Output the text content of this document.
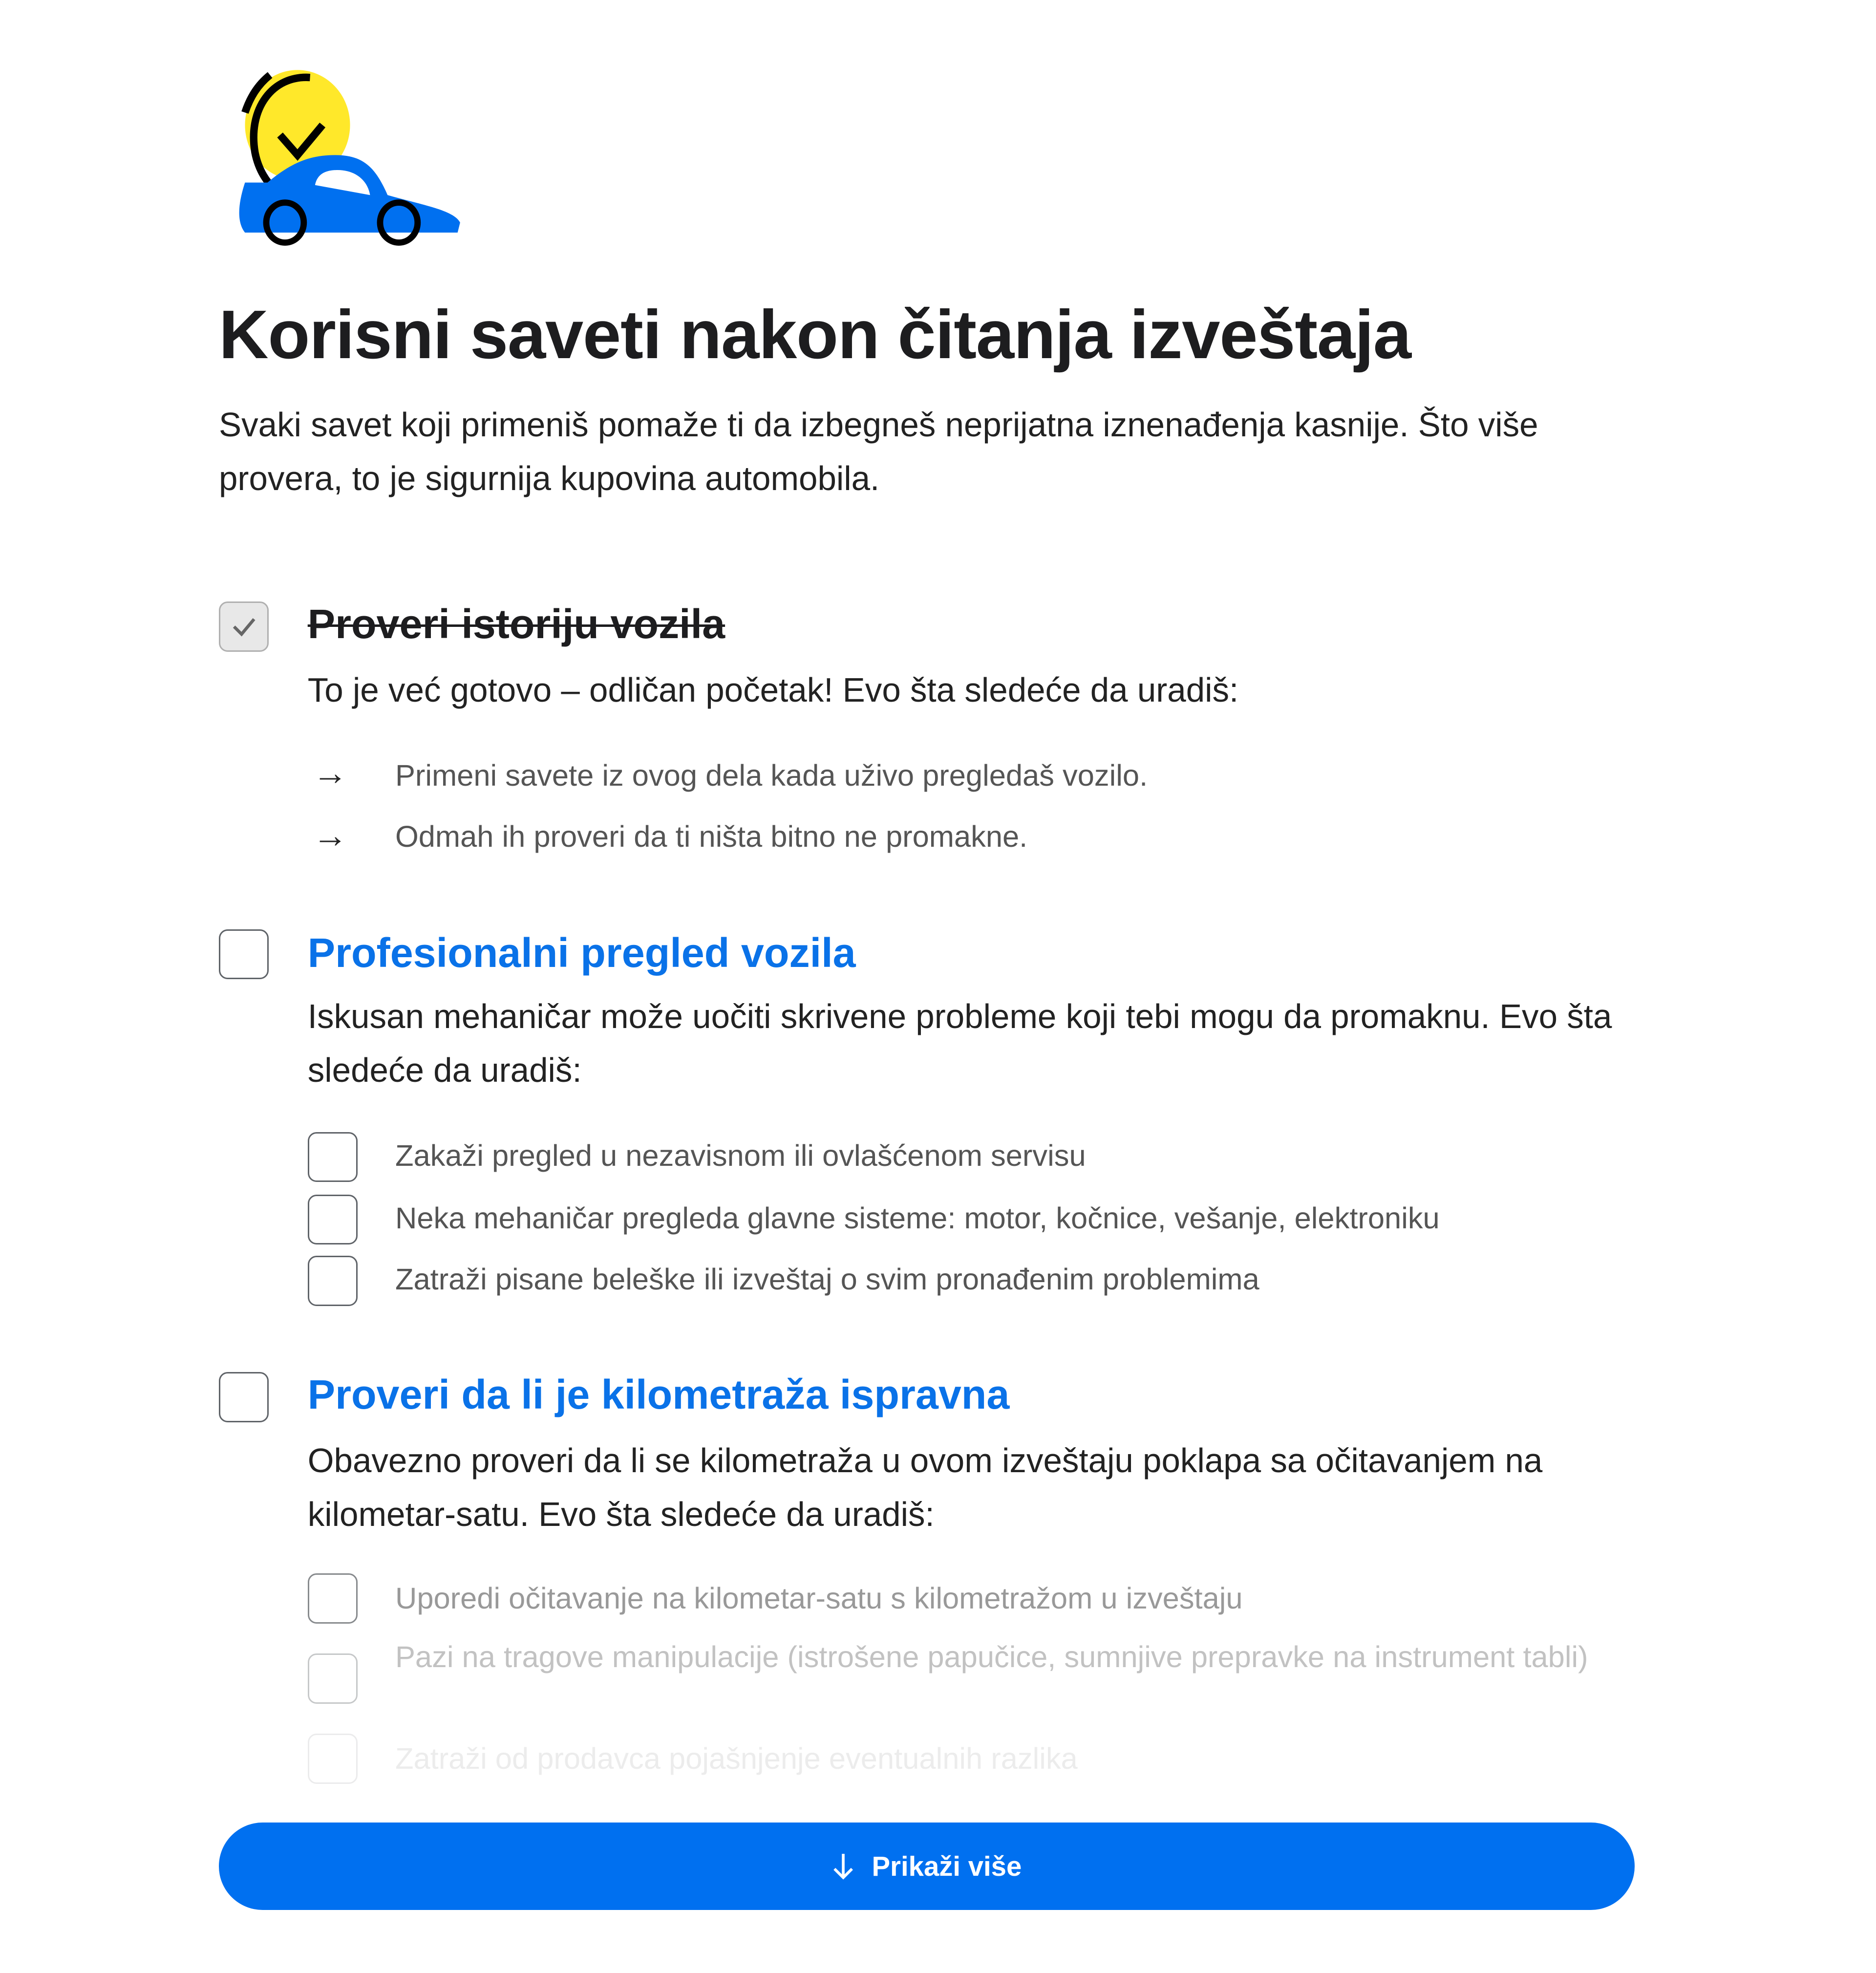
Korisni saveti nakon čitanja izveštaja
Svaki savet koji primeniš pomaže ti da izbegneš neprijatna iznenađenja kasnije. Što više provera, to je sigurnija kupovina automobila.
Proveri istoriju vozila
To je već gotovo – odličan početak! Evo šta sledeće da uradiš:
→	Primeni savete iz ovog dela kada uživo pregledaš vozilo.
→	Odmah ih proveri da ti ništa bitno ne promakne.
Profesionalni pregled vozila
Iskusan mehaničar može uočiti skrivene probleme koji tebi mogu da promaknu. Evo šta sledeće da uradiš:
Zakaži pregled u nezavisnom ili ovlašćenom servisu
Neka mehaničar pregleda glavne sisteme: motor, kočnice, vešanje, elektroniku
Zatraži pisane beleške ili izveštaj o svim pronađenim problemima
Proveri da li je kilometraža ispravna
Obavezno proveri da li se kilometraža u ovom izveštaju poklapa sa očitavanjem na kilometar-satu. Evo šta sledeće da uradiš:
Uporedi očitavanje na kilometar-satu s kilometražom u izveštaju
Pazi na tragove manipulacije (istrošene papučice, sumnjive prepravke na instrument tabli)
Zatraži od prodavca pojašnjenje eventualnih razlika
Prikaži više
